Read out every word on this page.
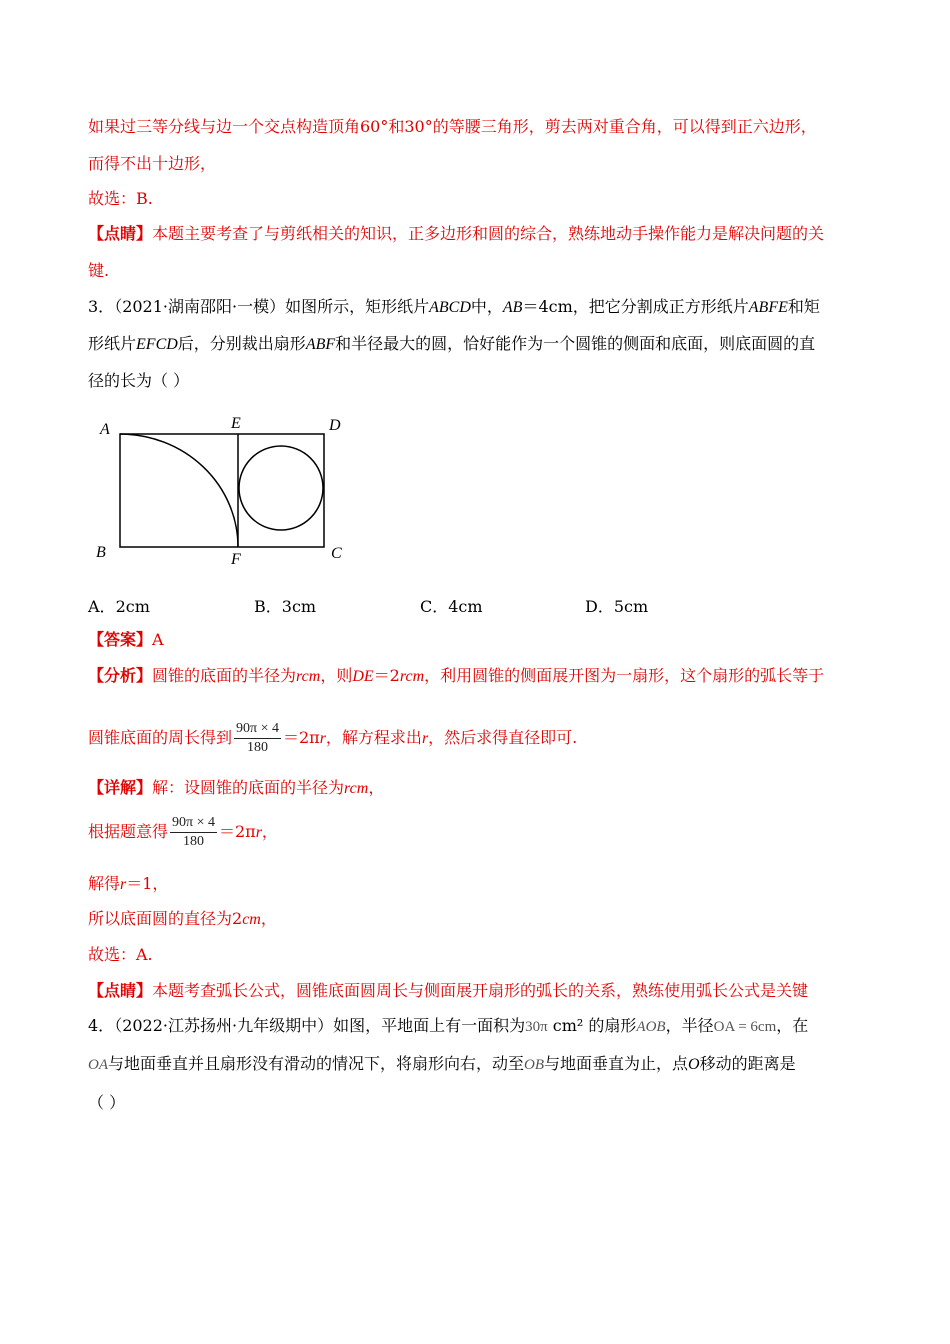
如果过三等分线与边一个交点构造顶角60°和30°的等腰三角形，剪去两对重合角，可以得到正六边形，
而得不出十边形，
故选：B.
【点睛】本题主要考查了与剪纸相关的知识，正多边形和圆的综合，熟练地动手操作能力是解决问题的关
键.
3．（2021·湖南邵阳·一模）如图所示，矩形纸片ABCD中，AB＝4cm，把它分割成正方形纸片ABFE和矩
形纸片EFCD后，分别裁出扇形ABF和半径最大的圆，恰好能作为一个圆锥的侧面和底面，则底面圆的直
径的长为（ ）
A	E	D
B	F	C
A．2cm	B．3cm	C．4cm	D．5cm
【答案】A
【分析】圆锥的底面的半径为rcm，则DE＝2rcm，利用圆锥的侧面展开图为一扇形，这个扇形的弧长等于
圆锥底面的周长得到 $\frac{90\pi \times 4}{180} =2\pi r$，解方程求出r，然后求得直径即可.
【详解】解：设圆锥的底面的半径为rcm，
根据题意得 $\frac{90\pi \times 4}{180} =2\pi r$，
解得r＝1，
所以底面圆的直径为2cm，
故选：A.
【点睛】本题考查弧长公式，圆锥底面圆周长与侧面展开扇形的弧长的关系，熟练使用弧长公式是关键
4．（2022·江苏扬州·九年级期中）如图，平地面上有一面积为30π cm² 的扇形AOB，半径OA = 6cm，在
OA与地面垂直并且扇形没有滑动的情况下，将扇形向右，动至OB与地面垂直为止，点O移动的距离是
（ ）
